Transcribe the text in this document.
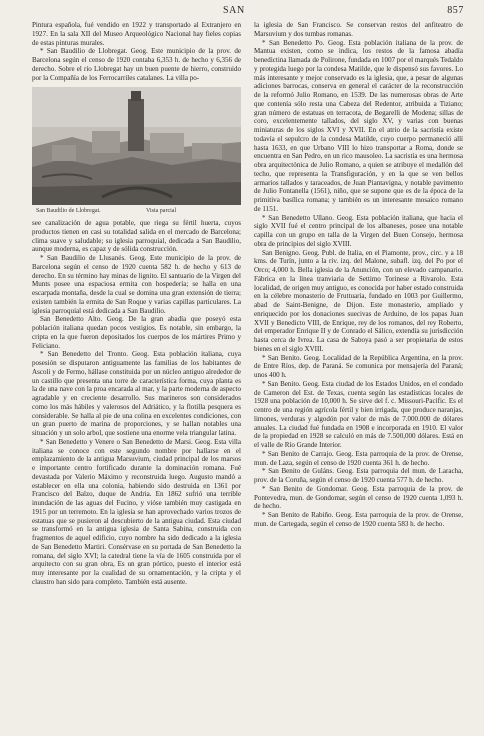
SAN	857

Pintura española, fué vendido en 1922 y transportado al Extranjero en 1927. En la sala XII del Museo Arqueológico Nacional hay fieles copias de estas pinturas murales.

* San Baudilio de Llobregat. Geog. Este municipio de la prov. de Barcelona según el censo de 1920 contaba 6,353 h. de hecho y 6,356 de derecho. Sobre el río Llobregat hay un buen puente de hierro, construido por la Compañía de los Ferrocarriles catalanes. La villa po-

San Baudilio de Llobregat.	Vista parcial

see canalización de agua potable, que riega su fértil huerta, cuyos productos tienen en casi su totalidad salida en el mercado de Barcelona; clima suave y saludable; su iglesia parroquial, dedicada a San Baudilio, aunque moderna, es capaz y de sólida construcción.

* San Baudilio de Llusanés. Geog. Este municipio de la prov. de Barcelona según el censo de 1920 cuenta 582 h. de hecho y 613 de derecho. En su término hay minas de lignito. El santuario de la Virgen del Munts posee una espaciosa ermita con hospedería; se halla en una escarpada montaña, desde la cual se domina una gran extensión de tierra; existen también la ermita de San Roque y varias capillas particulares. La iglesia parroquial está dedicada a San Baudilio.

San Benedetto Alto. Geog. De la gran abadía que poseyó esta población italiana quedan pocos vestigios. Es notable, sin embargo, la cripta en la que fueron depositados los cuerpos de los mártires Primo y Feliciano.

* San Benedetto del Tronto. Geog. Esta población italiana, cuya posesión se disputaron antiguamente las familias de los habitantes de Ascoli y de Fermo, hállase constituida por un núcleo antiguo alrededor de un castillo que presenta una torre de característica forma, cuya planta es la de una nave con la proa encarada al mar, y la parte moderna de aspecto agradable y en creciente desarrollo. Sus marineros son considerados como los más hábiles y valerosos del Adriático, y la flotilla pesquera es considerable. Se halla al pie de una colina en excelentes condiciones, con un gran puerto de marina de proporciones, y se hallan notables una situación y un solo arbol, que sostiene una enorme vela triangular latina.

* San Benedetto y Venere o San Benedetto de Marsi. Geog. Esta villa italiana se conoce con este segundo nombre por hallarse en el emplazamiento de la antigua Marsuvium, ciudad principal de los marsos e importante centro fortificado durante la dominación romana. Fué devastada por Valerio Máximo y reconstruida luego. Augusto mandó a establecer en ella una colonia, habiendo sido destruida en 1361 por Francisco del Balzo, duque de Andria. En 1862 sufrió una terrible inundación de las aguas del Fucino, y vióse también muy castigada en 1915 por un terremoto. En la iglesia se han aprovechado varios trozos de estatuas que se pusieron al descubierto de la antigua ciudad. Esta ciudad se transformó en la antigua iglesia de Santa Sabina, construida con fragmentos de aquel edificio, cuyo nombre ha sido dedicado a la iglesia de San Benedetto Martiri. Consérvase en su portada de San Benedetto la romana, del siglo XVI; la catedral tiene la vía de 1605 construida por el arquitecto con su gran obra, Es un gran pórtico, puesto el interior está muy interesante por la cualidad de su ornamentación, y la cripta y el claustro han sido para completo. También está ausente.

la iglesia de San Francisco. Se conservan restos del anfiteatro de Marsuvium y dos tumbas romanas.

* San Benedetto Po. Geog. Esta población italiana de la prov. de Mantua existen, como se indica, los restos de la famosa abadía benedictina llamada de Polirone, fundada en 1007 por el marqués Tedaldo y protegida luego por la condesa Matilde, que le dispensó sus favores. Lo más interesante y mejor conservado es la iglesia, que, a pesar de algunas adiciones barrocas, conserva en general el carácter de la reconstrucción de la reformó Julio Romano, en 1539. De las numerosas obras de Arte que contenía sólo resta una Cabeza del Redentor, atribuida a Tiziano; gran número de estatuas en terracota, de Begarelli de Modena; sillas de coro, excelentemente tallados, del siglo XV, y varias con buenas miniaturas de los siglos XVI y XVII. En el atrio de la sacristía existe todavía el sepulcro de la condesa Matilde, cuyo cuerpo permaneció allí hasta 1633, en que Urbano VIII lo hizo transportar a Roma, donde se encuentra en San Pedro, en un rico mausoleo. La sacristía es una hermosa obra arquitectónica de Julio Romano, a quien se atribuye el medallón del techo, que representa la Transfiguración, y en la que se ven bellos armarios tallados y taraceados, de Juan Piantavigna, y notable pavimento de Julio Fontanella (1561), niño, que se supone que es de la época de la primitiva basílica romana; y también es un interesante mosaico romano de 1151.

* San Benedetto Ullano. Geog. Esta población italiana, que hacia el siglo XVII fué el centro principal de los albaneses, posee una notable capilla con un grupo en talla de la Virgen del Buen Consejo, hermosa obra de principios del siglo XVIII.

San Benigno. Geog. Publ. de Italia, en el Piamonte, prov., circ. y a 18 kms. de Turín, junto a la riv. izq. del Malone, subafl. izq. del Po por el Orco; 4,000 h. Bella iglesia de la Anunción, con un elevado campanario. Fábrica en la línea tranviaria de Settimo Torinese a Rivarolo. Esta localidad, de origen muy antiguo, es conocida por haber estado construida en la célebre monasterio de Fruttuaria, fundado en 1003 por Guillermo, abad de Saint-Benigne, de Dijon. Este monasterio, ampliado y enriquecido por los donaciones suecivas de Arduino, de los papas Juan XVII y Benedicto VIII, de Enrique, rey de los romanos, del rey Roberto, del emperador Enrique II y de Conrado el Sálico, extendía su jurisdicción hasta cerca de Ivrea. La casa de Saboya pasó a ser propietaria de estos bienes en el siglo XVIII.

* San Benito. Geog. Localidad de la República Argentina, en la prov. de Entre Ríos, dep. de Paraná. Se comunica por mensajería del Paraná; unos 400 h.

* San Benito. Geog. Esta ciudad de los Estados Unidos, en el condado de Cameron del Est. de Texas, cuenta según las estadísticas locales de 1928 una población de 10,000 h. Se sirve del f. c. Missouri-Pacific. Es el centro de una región agrícola fértil y bien irrigada, que produce naranjas, limones, verduras y algodón por valor de más de 7.000.000 de dólares anuales. La ciudad fué fundada en 1908 e incorporada en 1910. El valor de la propiedad en 1928 se calculó en más de 7.500,000 dólares. Está en el valle de Río Grande Interior.

* San Benito de Carrajo. Geog. Esta parroquia de la prov. de Orense, mun. de Laza, según el censo de 1920 cuenta 361 h. de hecho.

* San Benito de Guláns. Geog. Esta parroquia del mun. de Laracha, prov. de la Coruña, según el censo de 1920 cuenta 577 h. de hecho.

* San Benito de Gondomar. Geog. Esta parroquia de la prov. de Pontevedra, mun. de Gondomar, según el censo de 1920 cuenta 1,093 h. de hecho.

* San Benito de Rabiño. Geog. Esta parroquia de la prov. de Orense, mun. de Cartegada, según el censo de 1920 cuenta 583 h. de hecho.
